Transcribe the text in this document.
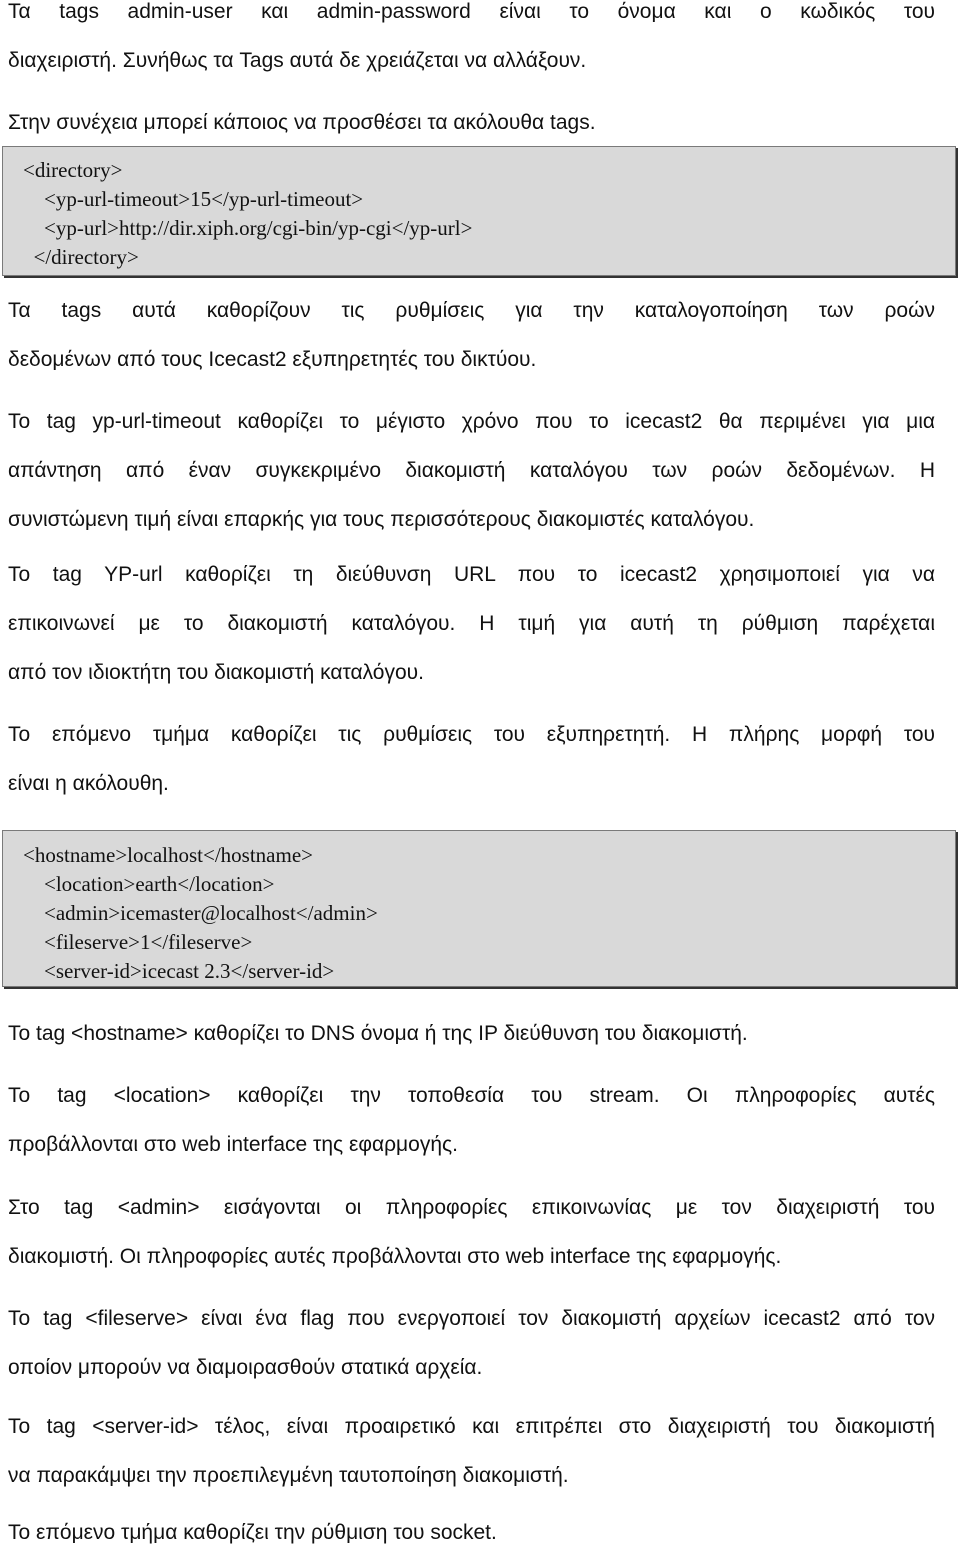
Τα tags admin-user και admin-password είναι το όνομα και ο κωδικός του
διαχειριστή. Συνήθως τα Tags αυτά δε χρειάζεται να αλλάξουν.
Στην συνέχεια μπορεί κάποιος να προσθέσει τα ακόλουθα tags.
<directory>
<yp-url-timeout>15</yp-url-timeout>
<yp-url>http://dir.xiph.org/cgi-bin/yp-cgi</yp-url>
</directory>
Τα tags αυτά καθορίζουν τις ρυθμίσεις για την καταλογοποίηση των ροών
δεδομένων από τους Icecast2 εξυπηρετητές του δικτύου.
Το tag yp-url-timeout καθορίζει το μέγιστο χρόνο που το icecast2 θα περιμένει για μια
απάντηση από έναν συγκεκριμένο διακομιστή καταλόγου των ροών δεδομένων. Η
συνιστώμενη τιμή είναι επαρκής για τους περισσότερους διακομιστές καταλόγου.
Το tag YP-url καθορίζει τη διεύθυνση URL που το icecast2 χρησιμοποιεί για να
επικοινωνεί με το διακομιστή καταλόγου. Η τιμή για αυτή τη ρύθμιση παρέχεται
από τον ιδιοκτήτη του διακομιστή καταλόγου.
Το επόμενο τμήμα καθορίζει τις ρυθμίσεις του εξυπηρετητή. Η πλήρης μορφή του
είναι η ακόλουθη.
<hostname>localhost</hostname>
<location>earth</location>
<admin>icemaster@localhost</admin>
<fileserve>1</fileserve>
<server-id>icecast 2.3</server-id>
Το tag <hostname> καθορίζει το DNS όνομα ή της IP διεύθυνση του διακομιστή.
Το tag <location> καθορίζει την τοποθεσία του stream. Οι πληροφορίες αυτές
προβάλλονται στο web interface της εφαρμογής.
Στο tag <admin> εισάγονται οι πληροφορίες επικοινωνίας με τον διαχειριστή του
διακομιστή. Οι πληροφορίες αυτές προβάλλονται στο web interface της εφαρμογής.
Το tag <fileserve> είναι ένα flag που ενεργοποιεί τον διακομιστή αρχείων icecast2 από τον
οποίον μπορούν να διαμοιρασθούν στατικά αρχεία.
Το tag <server-id> τέλος, είναι προαιρετικό και επιτρέπει στο διαχειριστή του διακομιστή
να παρακάμψει την προεπιλεγμένη ταυτοποίηση διακομιστή.
Το επόμενο τμήμα καθορίζει την ρύθμιση του socket.
